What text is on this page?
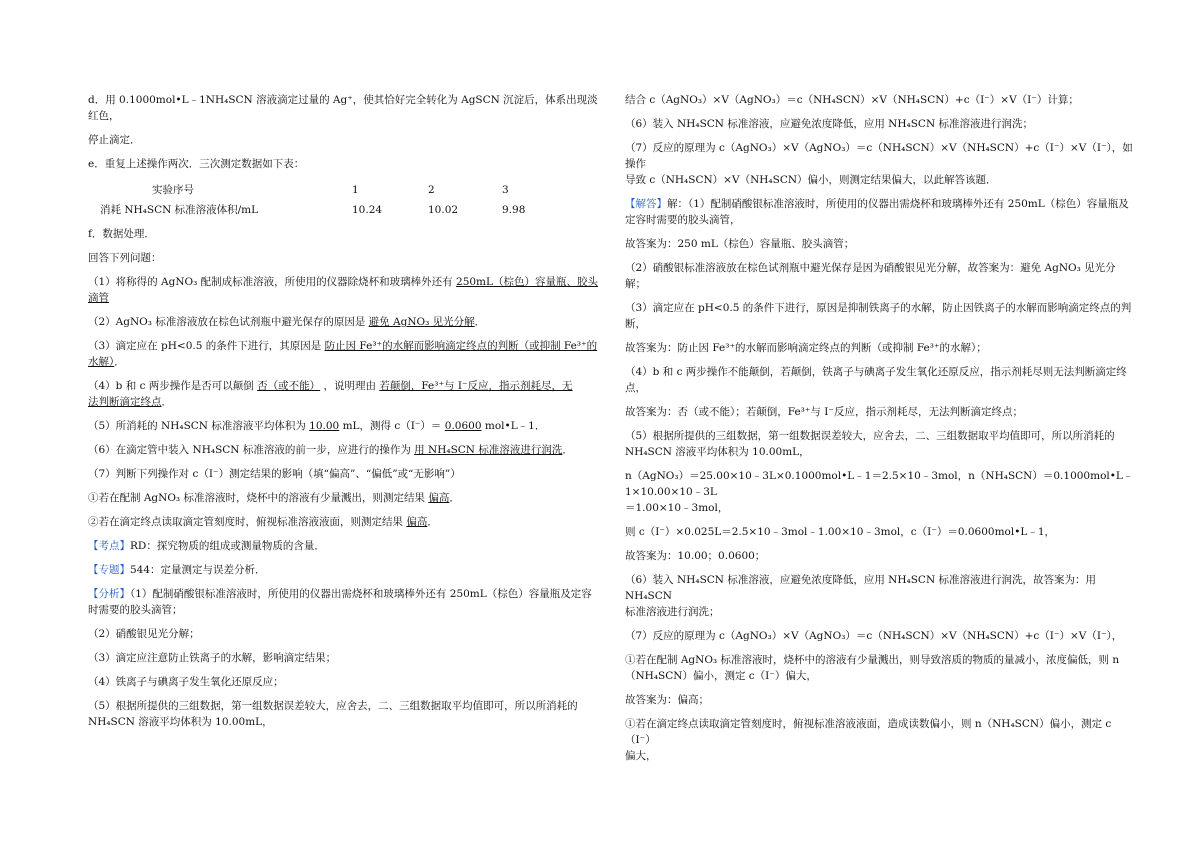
d．用 0.1000mol•L﹣1NH₄SCN 溶液滴定过量的 Ag⁺，使其恰好完全转化为 AgSCN 沉淀后，体系出现淡红色，
停止滴定．
e．重复上述操作两次．三次测定数据如下表：
实验序号	1	2	3
消耗 NH₄SCN 标准溶液体积/mL	10.24	10.02	9.98
f．数据处理．
回答下列问题：
（1）将称得的 AgNO₃ 配制成标准溶液，所使用的仪器除烧杯和玻璃棒外还有 250mL（棕色）容量瓶、胶头
滴管
（2）AgNO₃ 标准溶液放在棕色试剂瓶中避光保存的原因是 避免 AgNO₃ 见光分解．
（3）滴定应在 pH<0.5 的条件下进行，其原因是 防止因 Fe³⁺的水解而影响滴定终点的判断（或抑制 Fe³⁺的
水解）．
（4）b 和 c 两步操作是否可以颠倒 否（或不能） ，说明理由 若颠倒，Fe³⁺与 I⁻反应，指示剂耗尽，无
法判断滴定终点．
（5）所消耗的 NH₄SCN 标准溶液平均体积为 10.00 mL，测得 c（I⁻）＝ 0.0600 mol•L﹣1．
（6）在滴定管中装入 NH₄SCN 标准溶液的前一步，应进行的操作为 用 NH₄SCN 标准溶液进行润洗．
（7）判断下列操作对 c（I⁻）测定结果的影响（填“偏高”、“偏低”或“无影响”）
①若在配制 AgNO₃ 标准溶液时，烧杯中的溶液有少量溅出，则测定结果 偏高．
②若在滴定终点读取滴定管刻度时，俯视标准溶液液面，则测定结果 偏高．
【考点】RD：探究物质的组成或测量物质的含量．
【专题】544：定量测定与误差分析．
【分析】（1）配制硝酸银标准溶液时，所使用的仪器出需烧杯和玻璃棒外还有 250mL（棕色）容量瓶及定容
时需要的胶头滴管；
（2）硝酸银见光分解；
（3）滴定应注意防止铁离子的水解，影响滴定结果；
（4）铁离子与碘离子发生氧化还原反应；
（5）根据所提供的三组数据，第一组数据误差较大，应舍去，二、三组数据取平均值即可，所以所消耗的
NH₄SCN 溶液平均体积为 10.00mL，
结合 c（AgNO₃）×V（AgNO₃）＝c（NH₄SCN）×V（NH₄SCN）+c（I⁻）×V（I⁻）计算；
（6）装入 NH₄SCN 标准溶液，应避免浓度降低，应用 NH₄SCN 标准溶液进行润洗；
（7）反应的原理为 c（AgNO₃）×V（AgNO₃）＝c（NH₄SCN）×V（NH₄SCN）+c（I⁻）×V（I⁻），如操作
导致 c（NH₄SCN）×V（NH₄SCN）偏小，则测定结果偏大，以此解答该题．
【解答】解：（1）配制硝酸银标准溶液时，所使用的仪器出需烧杯和玻璃棒外还有 250mL（棕色）容量瓶及
定容时需要的胶头滴管，
故答案为：250 mL（棕色）容量瓶、胶头滴管；
（2）硝酸银标准溶液放在棕色试剂瓶中避光保存是因为硝酸银见光分解，故答案为：避免 AgNO₃ 见光分解；
（3）滴定应在 pH<0.5 的条件下进行，原因是抑制铁离子的水解，防止因铁离子的水解而影响滴定终点的判
断，
故答案为：防止因 Fe³⁺的水解而影响滴定终点的判断（或抑制 Fe³⁺的水解）；
（4）b 和 c 两步操作不能颠倒，若颠倒，铁离子与碘离子发生氧化还原反应，指示剂耗尽则无法判断滴定终
点，
故答案为：否（或不能）；若颠倒，Fe³⁺与 I⁻反应，指示剂耗尽，无法判断滴定终点；
（5）根据所提供的三组数据，第一组数据误差较大，应舍去，二、三组数据取平均值即可，所以所消耗的
NH₄SCN 溶液平均体积为 10.00mL，
n（AgNO₃）＝25.00×10﹣3L×0.1000mol•L﹣1＝2.5×10﹣3mol，n（NH₄SCN）＝0.1000mol•L﹣1×10.00×10﹣3L
＝1.00×10﹣3mol，
则 c（I⁻）×0.025L＝2.5×10﹣3mol﹣1.00×10﹣3mol，c（I⁻）＝0.0600mol•L﹣1，
故答案为：10.00；0.0600；
（6）装入 NH₄SCN 标准溶液，应避免浓度降低，应用 NH₄SCN 标准溶液进行润洗，故答案为：用 NH₄SCN
标准溶液进行润洗；
（7）反应的原理为 c（AgNO₃）×V（AgNO₃）＝c（NH₄SCN）×V（NH₄SCN）+c（I⁻）×V（I⁻），
①若在配制 AgNO₃ 标准溶液时，烧杯中的溶液有少量溅出，则导致溶质的物质的量减小，浓度偏低，则 n
（NH₄SCN）偏小，测定 c（I⁻）偏大，
故答案为：偏高；
①若在滴定终点读取滴定管刻度时，俯视标准溶液液面，造成读数偏小，则 n（NH₄SCN）偏小，测定 c（I⁻）
偏大，
